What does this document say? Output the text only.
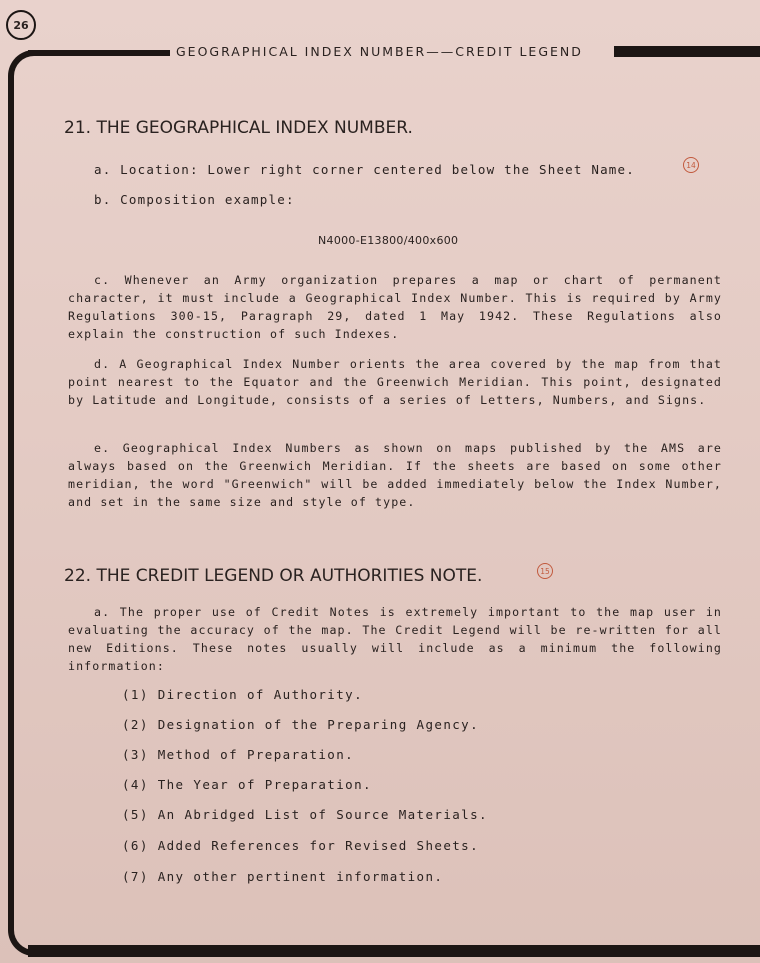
26
GEOGRAPHICAL INDEX NUMBER——CREDIT LEGEND
21. THE GEOGRAPHICAL INDEX NUMBER.
a. Location: Lower right corner centered below the Sheet Name.	14
b. Composition example:
N4000-E13800/400x600

c. Whenever an Army organization prepares a map or chart of permanent character, it must include a Geographical Index Number. This is required by Army Regulations 300-15, Paragraph 29, dated 1 May 1942. These Regulations also explain the construction of such Indexes.

d. A Geographical Index Number orients the area covered by the map from that point nearest to the Equator and the Greenwich Meridian. This point, designated by Latitude and Longitude, consists of a series of Letters, Numbers, and Signs.

e. Geographical Index Numbers as shown on maps published by the AMS are always based on the Greenwich Meridian. If the sheets are based on some other meridian, the word "Greenwich" will be added immediately below the Index Number, and set in the same size and style of type.

22. THE CREDIT LEGEND OR AUTHORITIES NOTE.	15

a. The proper use of Credit Notes is extremely important to the map user in evaluating the accuracy of the map. The Credit Legend will be re-written for all new Editions. These notes usually will include as a minimum the following information:

(1) Direction of Authority.
(2) Designation of the Preparing Agency.
(3) Method of Preparation.
(4) The Year of Preparation.
(5) An Abridged List of Source Materials.
(6) Added References for Revised Sheets.
(7) Any other pertinent information.
